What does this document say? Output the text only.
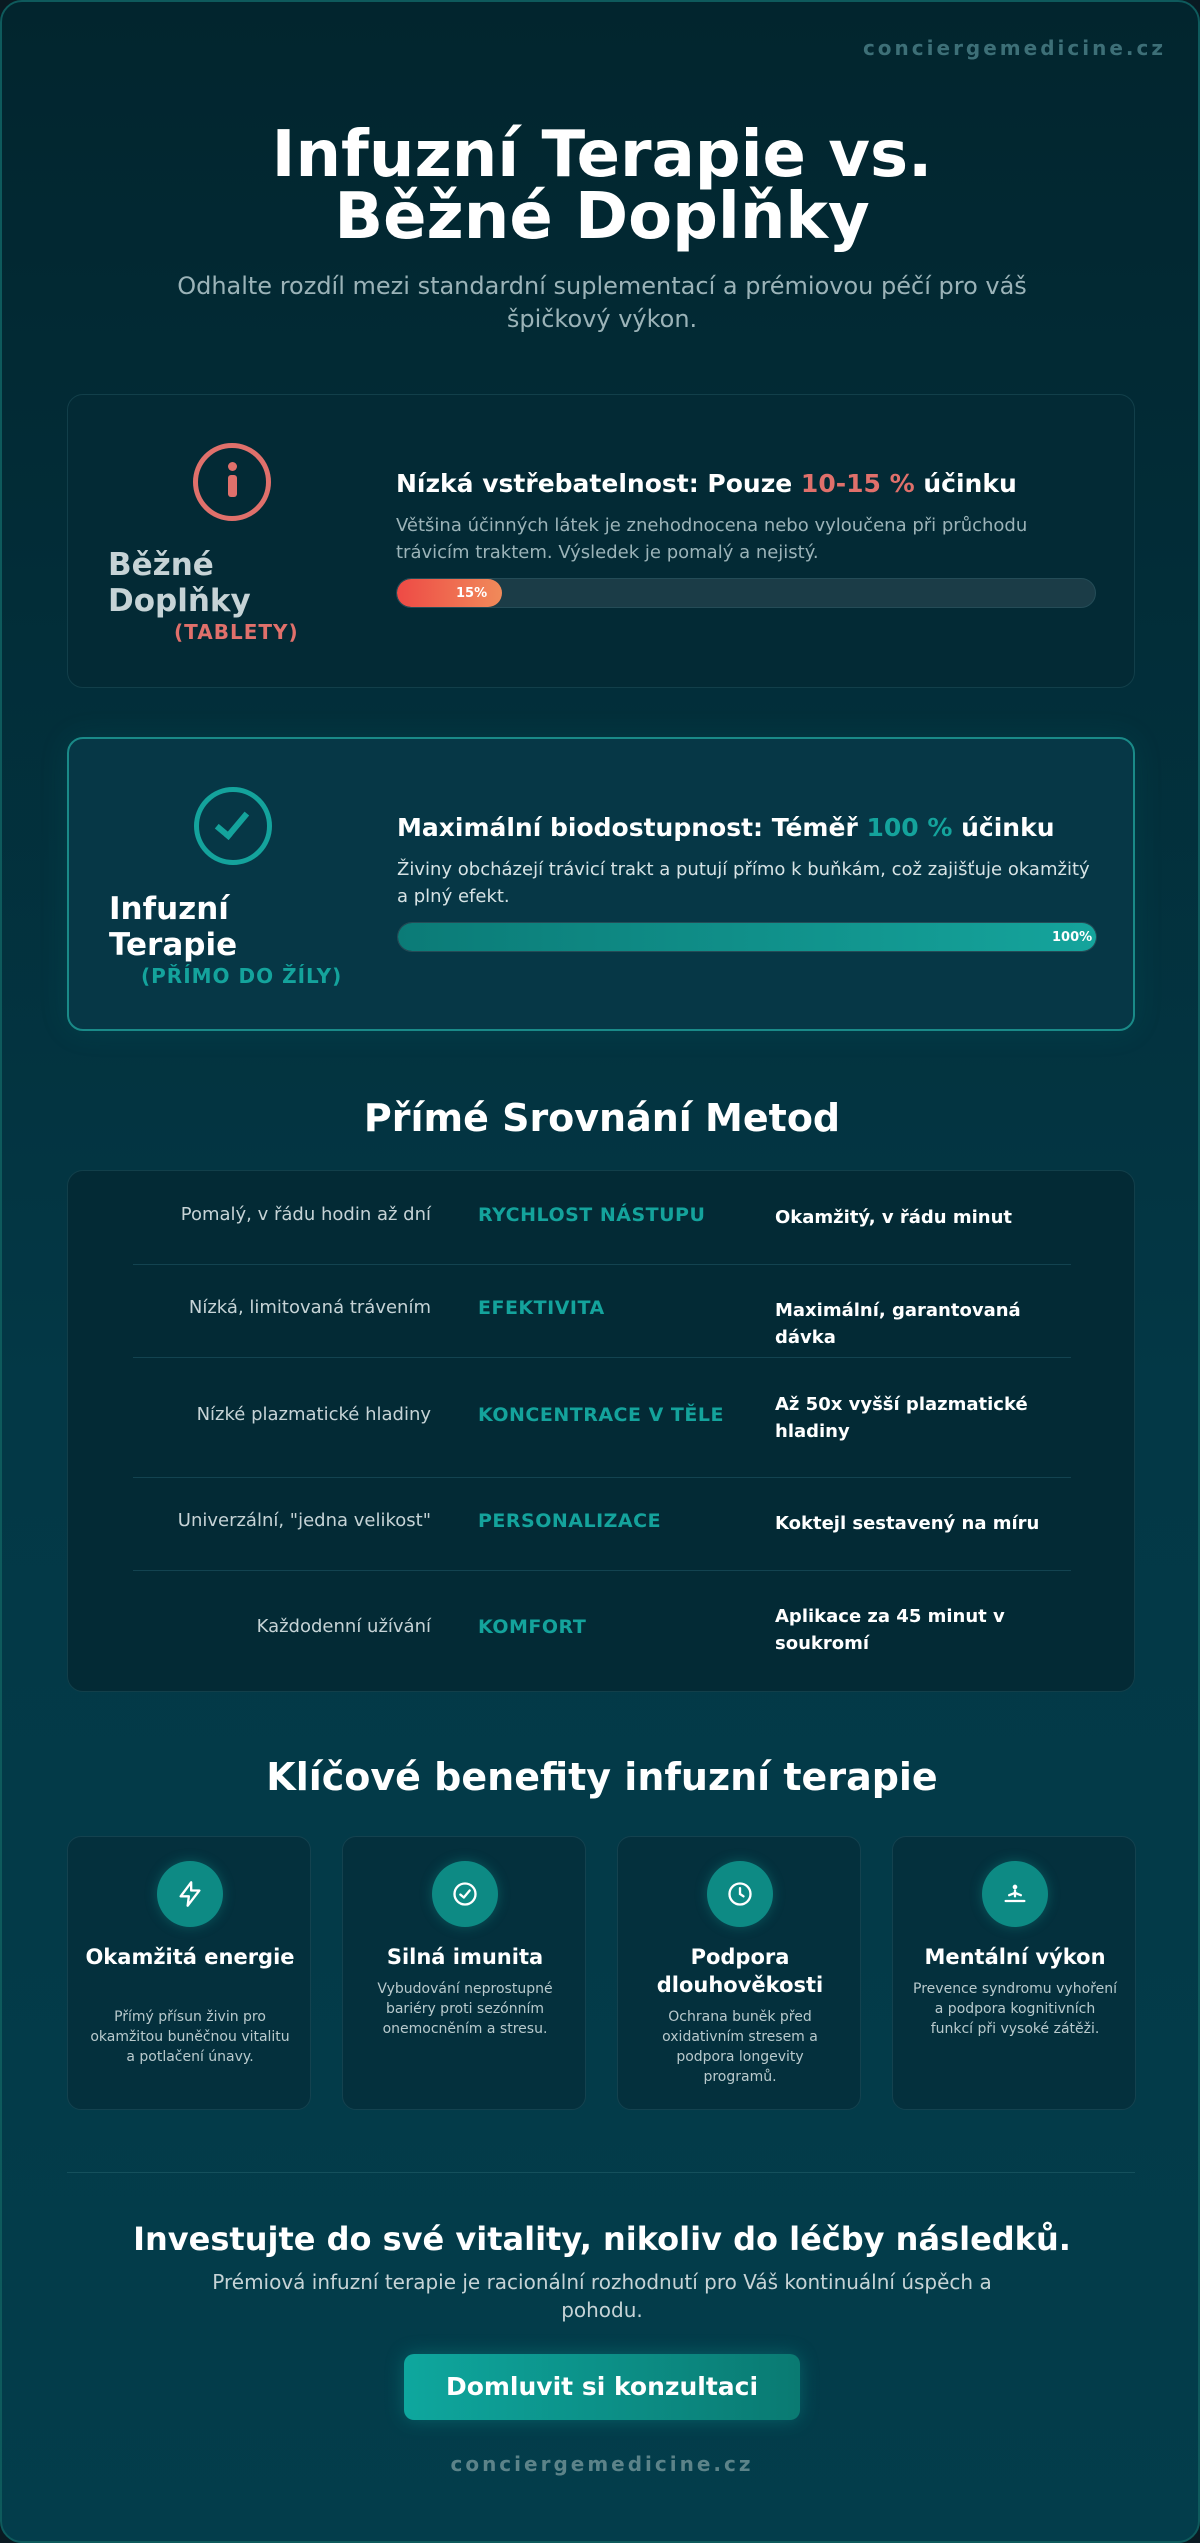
conciergemedicine.cz
Infuzní Terapie vs. Běžné Doplňky

Odhalte rozdíl mezi standardní suplementací a prémiovou péčí pro váš špičkový výkon.

Běžné Doplňky
(TABLETY)
Nízká vstřebatelnost: Pouze 10-15 % účinku
Většina účinných látek je znehodnocena nebo vyloučena při průchodu trávicím traktem. Výsledek je pomalý a nejistý.
15%
Infuzní Terapie
(PŘÍMO DO ŽÍLY)
Maximální biodostupnost: Téměř 100 % účinku
Živiny obcházejí trávicí trakt a putují přímo k buňkám, což zajišťuje okamžitý a plný efekt.
100%
Přímé Srovnání Metod
Pomalý, v řádu hodin až dní RYCHLOST NÁSTUPU	Okamžitý, v řádu minut
Nízká, limitovaná trávením EFEKTIVITA	Maximální, garantovaná dávka
Nízké plazmatické hladiny KONCENTRACE V TĚLE	Až 50x vyšší plazmatické hladiny
Univerzální, "jedna velikost" PERSONALIZACE	Koktejl sestavený na míru
Každodenní užívání KOMFORT	Aplikace za 45 minut v soukromí
Klíčové benefity infuzní terapie
Okamžitá energie
Přímý přísun živin pro okamžitou buněčnou vitalitu a potlačení únavy.
Silná imunita
Vybudování neprostupné bariéry proti sezónním onemocněním a stresu.
Podpora dlouhověkosti
Ochrana buněk před oxidativním stresem a podpora longevity programů.
Mentální výkon
Prevence syndromu vyhoření a podpora kognitivních funkcí při vysoké zátěži.
Investujte do své vitality, nikoliv do léčby následků.
Prémiová infuzní terapie je racionální rozhodnutí pro Váš kontinuální úspěch a pohodu.
Domluvit si konzultaci
conciergemedicine.cz
